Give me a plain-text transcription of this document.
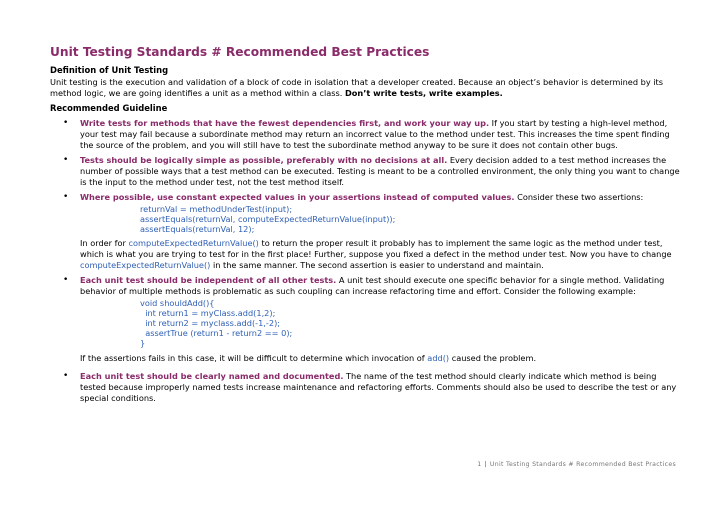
Unit Testing Standards # Recommended Best Practices
Definition of Unit Testing

Unit testing is the execution and validation of a block of code in isolation that a developer created. Because an object’s behavior is determined by its method logic, we are going identifies a unit as a method within a class. Don’t write tests, write examples.

Recommended Guideline
• Write tests for methods that have the fewest dependencies first, and work your way up. If you start by testing a high-level method, your test may fail because a subordinate method may return an incorrect value to the method under test. This increases the time spent finding the source of the problem, and you will still have to test the subordinate method anyway to be sure it does not contain other bugs.
• Tests should be logically simple as possible, preferably with no decisions at all. Every decision added to a test method increases the number of possible ways that a test method can be executed. Testing is meant to be a controlled environment, the only thing you want to change is the input to the method under test, not the test method itself.
• Where possible, use constant expected values in your assertions instead of computed values. Consider these two assertions:
returnVal = methodUnderTest(input);
assertEquals(returnVal, computeExpectedReturnValue(input));
assertEquals(returnVal, 12);
In order for computeExpectedReturnValue() to return the proper result it probably has to implement the same logic as the method under test, which is what you are trying to test for in the first place! Further, suppose you fixed a defect in the method under test. Now you have to change computeExpectedReturnValue() in the same manner. The second assertion is easier to understand and maintain.
• Each unit test should be independent of all other tests. A unit test should execute one specific behavior for a single method. Validating behavior of multiple methods is problematic as such coupling can increase refactoring time and effort. Consider the following example:
void shouldAdd(){
int return1 = myClass.add(1,2);
int return2 = myclass.add(-1,-2);
assertTrue (return1 - return2 == 0);
}
If the assertions fails in this case, it will be difficult to determine which invocation of add() caused the problem.
• Each unit test should be clearly named and documented. The name of the test method should clearly indicate which method is being tested because improperly named tests increase maintenance and refactoring efforts. Comments should also be used to describe the test or any special conditions.
1 | Unit Testing Standards # Recommended Best Practices
